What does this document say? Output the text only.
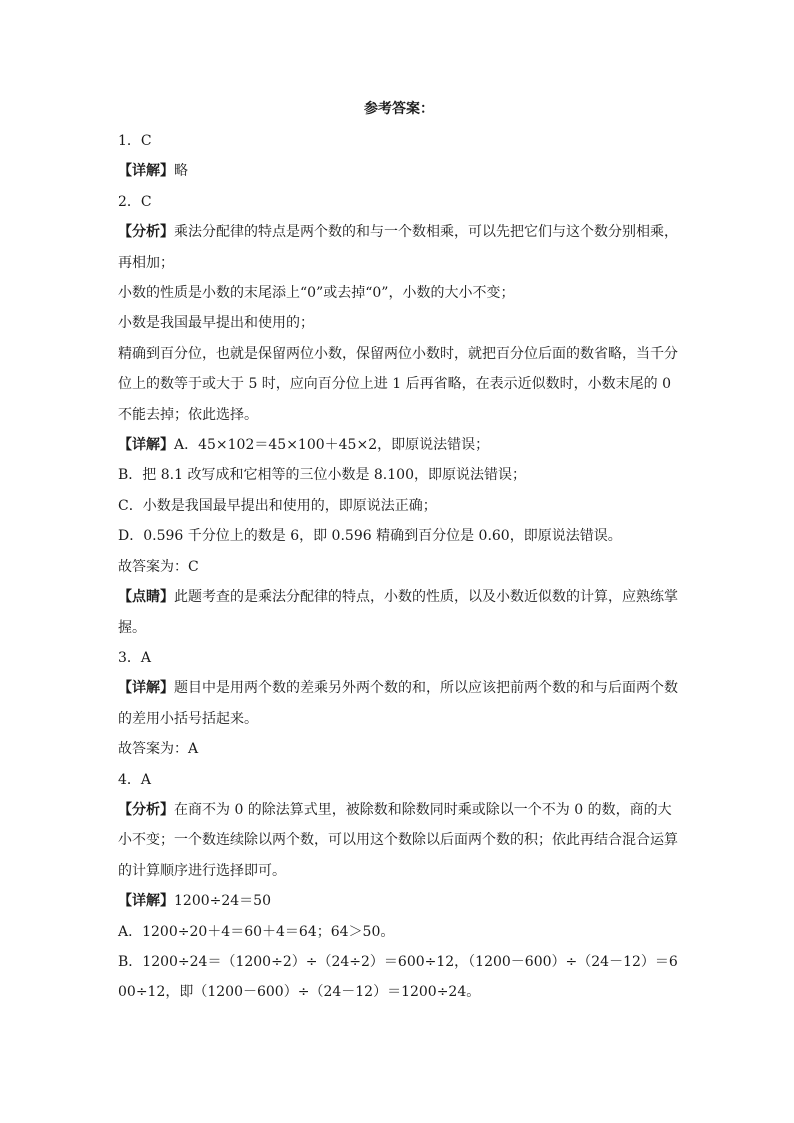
参考答案：

1．C

【详解】略

2．C

【分析】乘法分配律的特点是两个数的和与一个数相乘，可以先把它们与这个数分别相乘，再相加；

小数的性质是小数的末尾添上“0”或去掉“0”，小数的大小不变；

小数是我国最早提出和使用的；

精确到百分位，也就是保留两位小数，保留两位小数时，就把百分位后面的数省略，当千分位上的数等于或大于 5 时，应向百分位上进 1 后再省略，在表示近似数时，小数末尾的 0 不能去掉；依此选择。

【详解】A．45×102＝45×100＋45×2，即原说法错误；

B．把 8.1 改写成和它相等的三位小数是 8.100，即原说法错误；

C．小数是我国最早提出和使用的，即原说法正确；

D．0.596 千分位上的数是 6，即 0.596 精确到百分位是 0.60，即原说法错误。

故答案为：C

【点睛】此题考查的是乘法分配律的特点，小数的性质，以及小数近似数的计算，应熟练掌握。

3．A

【详解】题目中是用两个数的差乘另外两个数的和，所以应该把前两个数的和与后面两个数的差用小括号括起来。

故答案为：A

4．A

【分析】在商不为 0 的除法算式里，被除数和除数同时乘或除以一个不为 0 的数，商的大小不变；一个数连续除以两个数，可以用这个数除以后面两个数的积；依此再结合混合运算的计算顺序进行选择即可。

【详解】1200÷24＝50

A．1200÷20＋4＝60＋4＝64；64＞50。

B．1200÷24＝（1200÷2）÷（24÷2）＝600÷12，（1200－600）÷（24－12）＝600÷12，即（1200－600）÷（24－12）＝1200÷24。
